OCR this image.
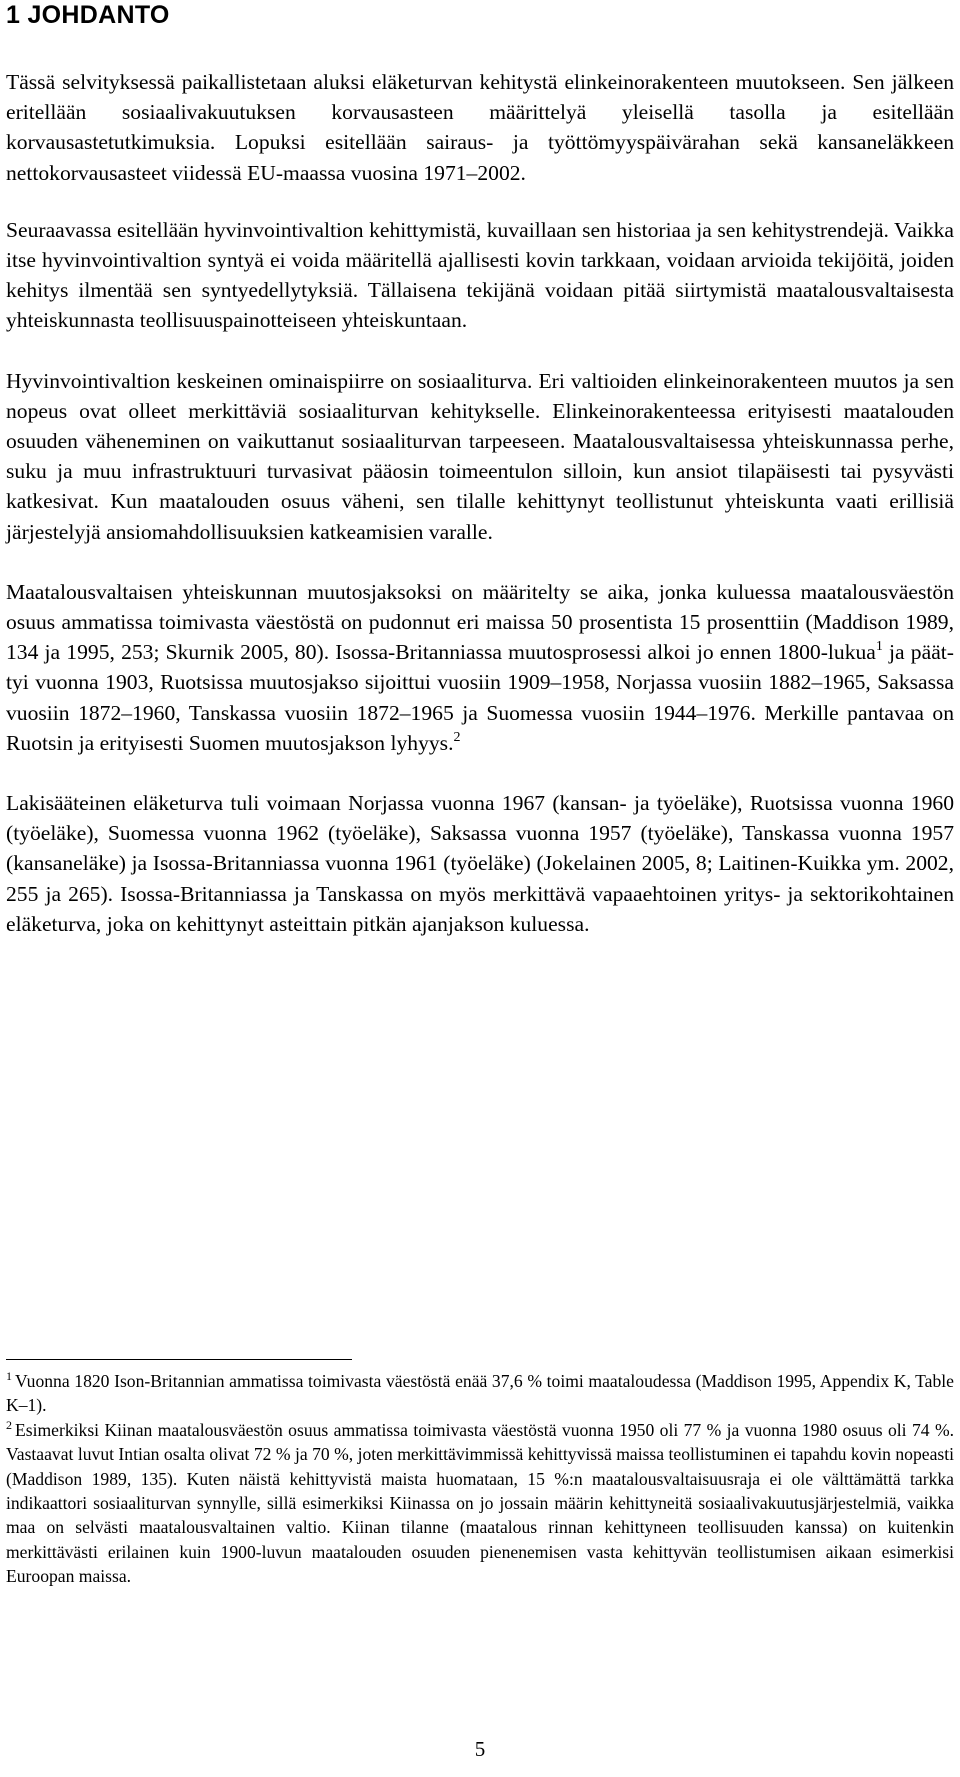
1 JOHDANTO

Tässä selvityksessä paikallistetaan aluksi eläketurvan kehitystä elinkeinorakenteen muutokseen. Sen jälkeen eritellään sosiaalivakuutuksen korvausasteen määrittelyä yleisellä tasolla ja esitellään korvausastetutkimuksia. Lopuksi esitellään sairaus- ja työttömyyspäivärahan sekä kansaneläkkeen nettokorvausasteet viidessä EU-maassa vuosina 1971–2002.

Seuraavassa esitellään hyvinvointivaltion kehittymistä, kuvaillaan sen historiaa ja sen kehitystrendejä. Vaikka itse hyvinvointivaltion syntyä ei voida määritellä ajallisesti kovin tarkkaan, voidaan arvioida tekijöitä, joiden kehitys ilmentää sen syntyedellytyksiä. Tällaisena tekijänä voidaan pitää siirtymistä maatalousvaltaisesta yhteiskunnasta teollisuuspainotteiseen yhteiskuntaan.

Hyvinvointivaltion keskeinen ominaispiirre on sosiaaliturva. Eri valtioiden elinkeinorakenteen muutos ja sen nopeus ovat olleet merkittäviä sosiaaliturvan kehitykselle. Elinkeinorakenteessa erityisesti maatalouden osuuden väheneminen on vaikuttanut sosiaaliturvan tarpeeseen. Maatalousvaltaisessa yhteiskunnassa perhe, suku ja muu infrastruktuuri turvasivat pääosin toimeentulon silloin, kun ansiot tilapäisesti tai pysyvästi katkesivat. Kun maatalouden osuus väheni, sen tilalle kehittynyt teollistunut yhteiskunta vaati erillisiä järjestelyjä ansiomahdollisuuksien katkeamisien varalle.

Maatalousvaltaisen yhteiskunnan muutosjaksoksi on määritelty se aika, jonka kuluessa maatalousväestön osuus ammatissa toimivasta väestöstä on pudonnut eri maissa 50 prosentista 15 prosenttiin (Maddison 1989, 134 ja 1995, 253; Skurnik 2005, 80). Isossa-Britanniassa muutosprosessi alkoi jo ennen 1800-lukua$^1$ ja päättyi vuonna 1903, Ruotsissa muutosjakso sijoittui vuosiin 1909–1958, Norjassa vuosiin 1882–1965, Saksassa vuosiin 1872–1960, Tanskassa vuosiin 1872–1965 ja Suomessa vuosiin 1944–1976. Merkille pantavaa on Ruotsin ja erityisesti Suomen muutosjakson lyhyys.$^2$

Lakisääteinen eläketurva tuli voimaan Norjassa vuonna 1967 (kansan- ja työeläke), Ruotsissa vuonna 1960 (työeläke), Suomessa vuonna 1962 (työeläke), Saksassa vuonna 1957 (työeläke), Tanskassa vuonna 1957 (kansaneläke) ja Isossa-Britanniassa vuonna 1961 (työeläke) (Jokelainen 2005, 8; Laitinen-Kuikka ym. 2002, 255 ja 265). Isossa-Britanniassa ja Tanskassa on myös merkittävä vapaaehtoinen yritys- ja sektorikohtainen eläketurva, joka on kehittynyt asteittain pitkän ajanjakson kuluessa.

$^1$ Vuonna 1820 Ison-Britannian ammatissa toimivasta väestöstä enää 37,6 % toimi maataloudessa (Maddison 1995, Appendix K, Table K–1).

$^2$ Esimerkiksi Kiinan maatalousväestön osuus ammatissa toimivasta väestöstä vuonna 1950 oli 77 % ja vuonna 1980 osuus oli 74 %. Vastaavat luvut Intian osalta olivat 72 % ja 70 %, joten merkittävimmissä kehittyvissä maissa teollistuminen ei tapahdu kovin nopeasti (Maddison 1989, 135). Kuten näistä kehittyvistä maista huomataan, 15 %:n maatalousvaltaisuusraja ei ole välttämättä tarkka indikaattori sosiaaliturvan synnylle, sillä esimerkiksi Kiinassa on jo jossain määrin kehittyneitä sosiaalivakuutusjärjestelmiä, vaikka maa on selvästi maatalousvaltainen valtio. Kiinan tilanne (maatalous rinnan kehittyneen teollisuuden kanssa) on kuitenkin merkittävästi erilainen kuin 1900-luvun maatalouden osuuden pienenemisen vasta kehittyvän teollistumisen aikaan esimerkisi Euroopan maissa.

5
